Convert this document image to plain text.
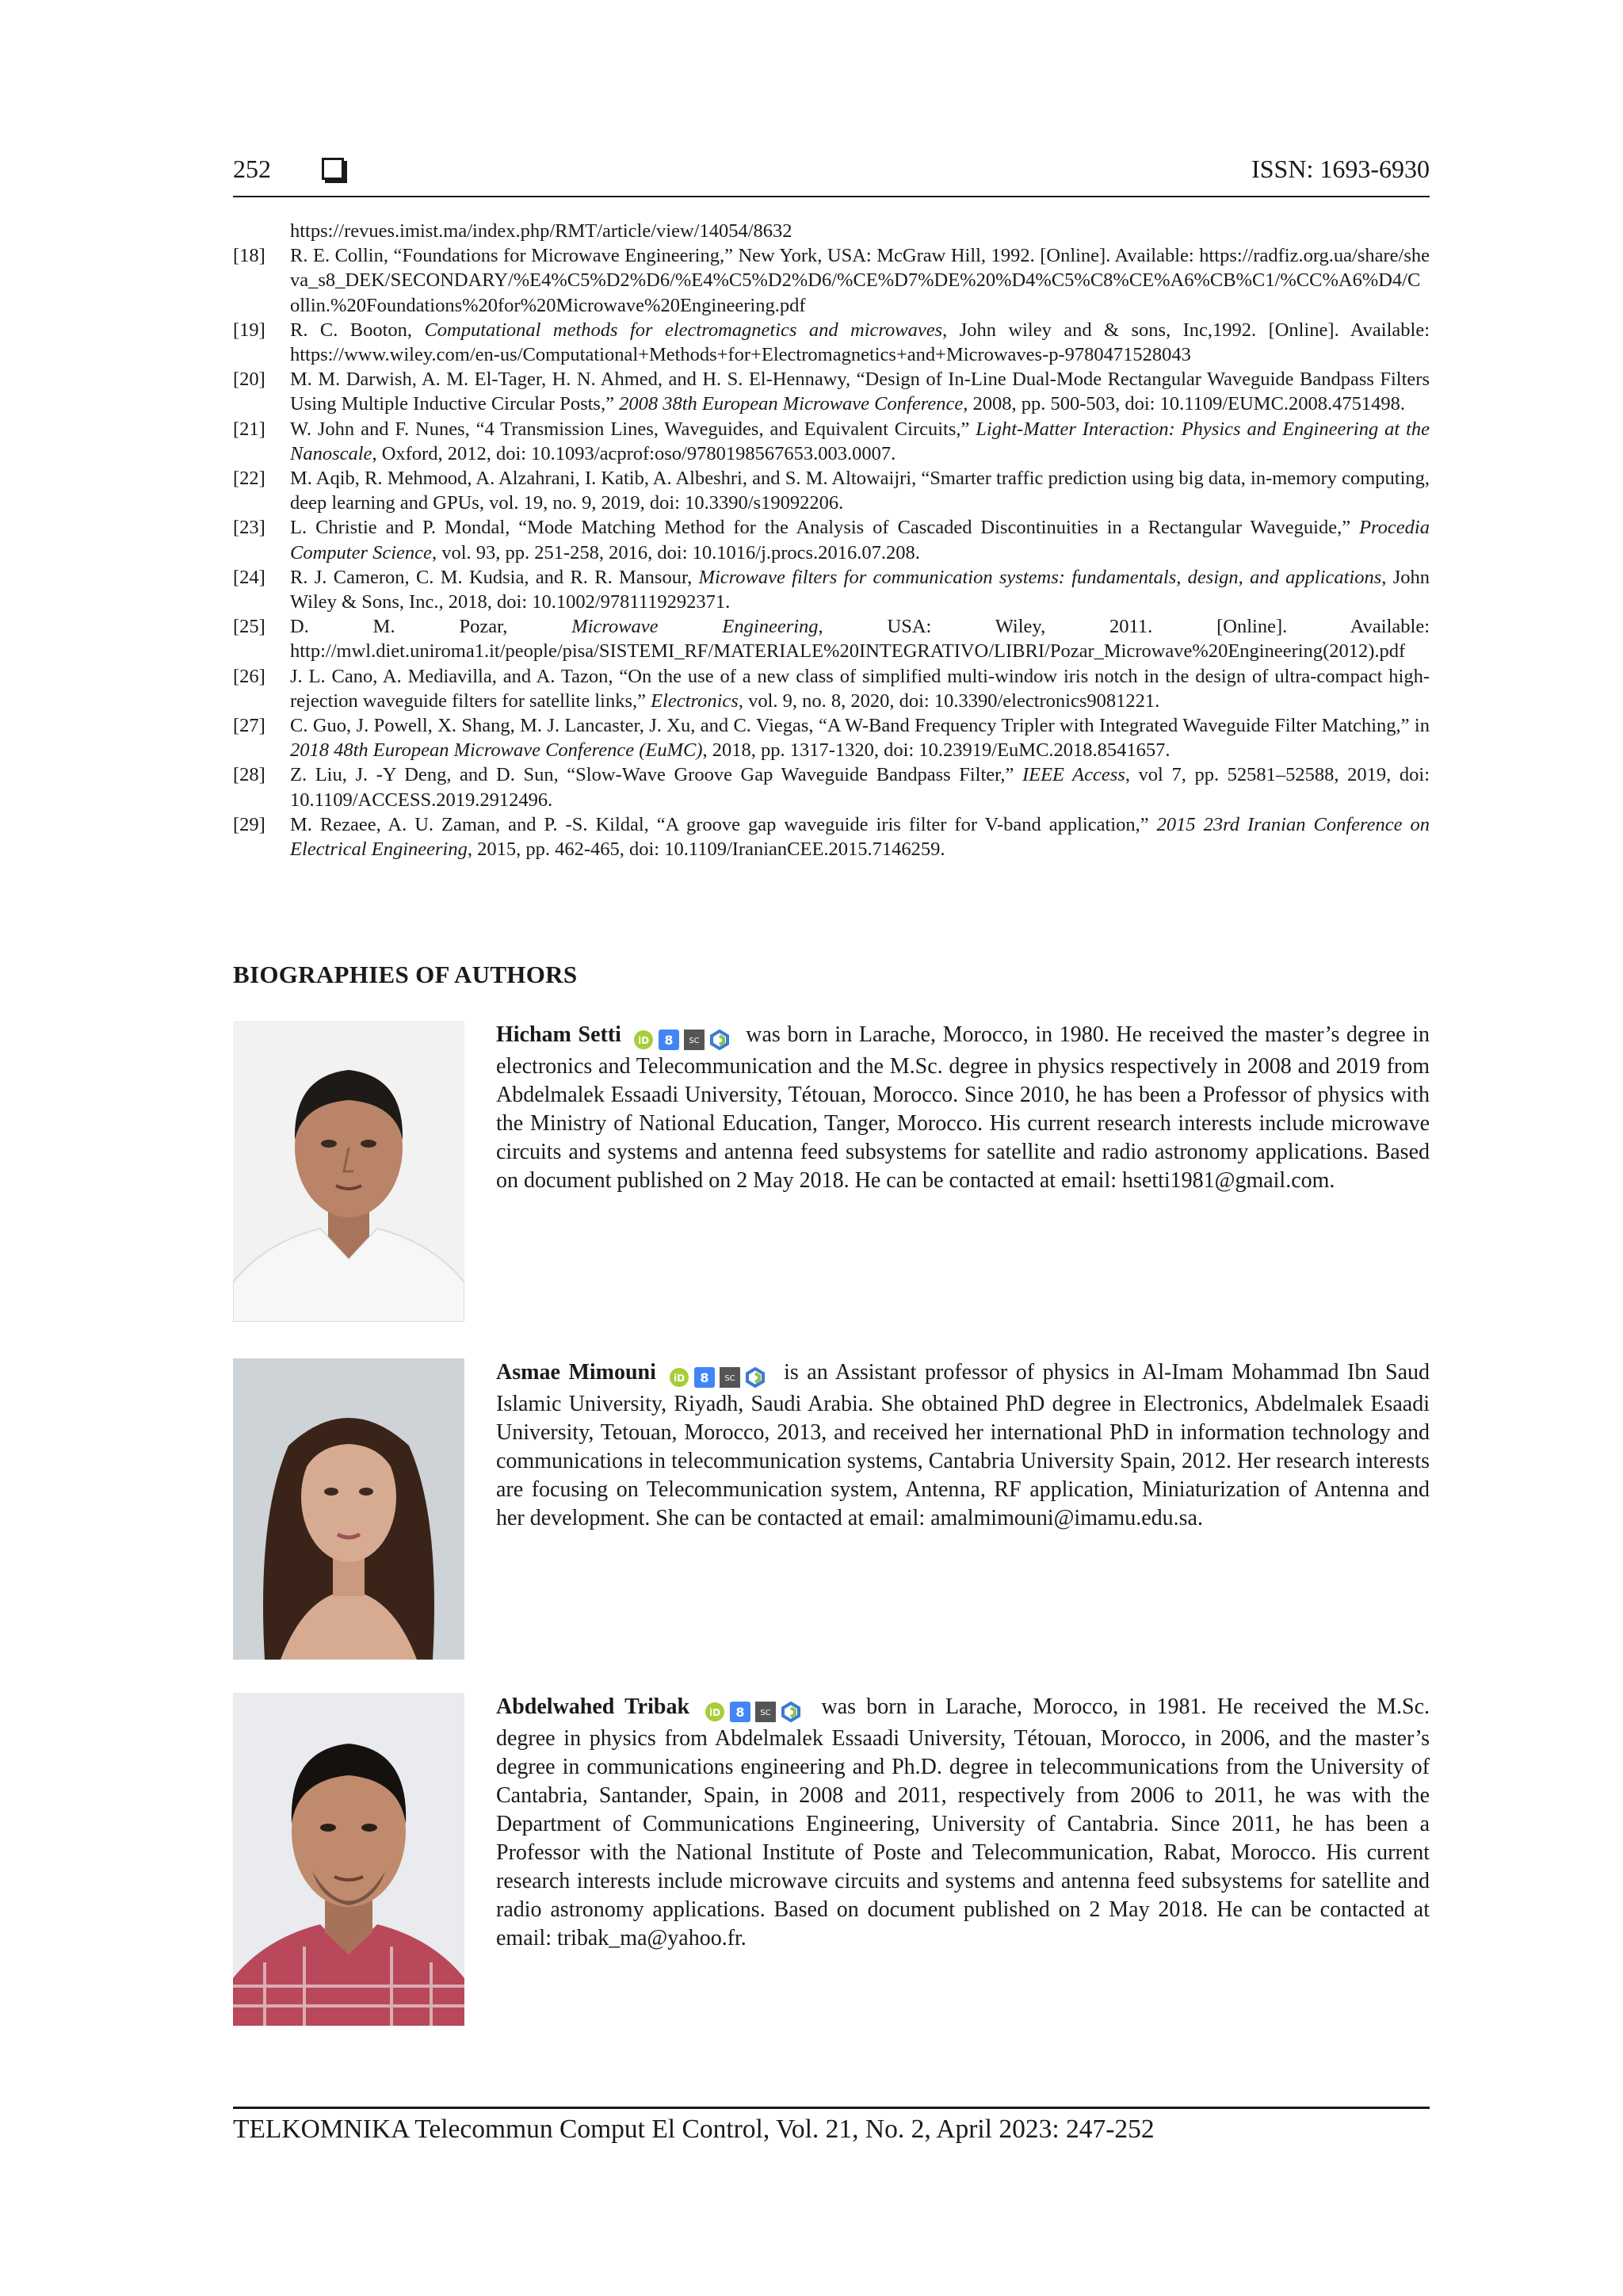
252	ISSN: 1693-6930
https://revues.imist.ma/index.php/RMT/article/view/14054/8632
[18] R. E. Collin, “Foundations for Microwave Engineering,” New York, USA: McGraw Hill, 1992. [Online]. Available: https://radfiz.org.ua/share/sheva_s8_DEK/SECONDARY/%E4%C5%D2%D6/%E4%C5%D2%D6/%CE%D7%DE%20%D4%C5%C8%CE%A6%CB%C1/%CC%A6%D4/Collin.%20Foundations%20for%20Microwave%20Engineering.pdf
[19] R. C. Booton, Computational methods for electromagnetics and microwaves, John wiley and & sons, Inc,1992. [Online]. Available: https://www.wiley.com/en-us/Computational+Methods+for+Electromagnetics+and+Microwaves-p-9780471528043
[20] M. M. Darwish, A. M. El-Tager, H. N. Ahmed, and H. S. El-Hennawy, “Design of In-Line Dual-Mode Rectangular Waveguide Bandpass Filters Using Multiple Inductive Circular Posts,” 2008 38th European Microwave Conference, 2008, pp. 500-503, doi: 10.1109/EUMC.2008.4751498.
[21] W. John and F. Nunes, “4 Transmission Lines, Waveguides, and Equivalent Circuits,” Light-Matter Interaction: Physics and Engineering at the Nanoscale, Oxford, 2012, doi: 10.1093/acprof:oso/9780198567653.003.0007.
[22] M. Aqib, R. Mehmood, A. Alzahrani, I. Katib, A. Albeshri, and S. M. Altowaijri, “Smarter traffic prediction using big data, in-memory computing, deep learning and GPUs, vol. 19, no. 9, 2019, doi: 10.3390/s19092206.
[23] L. Christie and P. Mondal, “Mode Matching Method for the Analysis of Cascaded Discontinuities in a Rectangular Waveguide,” Procedia Computer Science, vol. 93, pp. 251-258, 2016, doi: 10.1016/j.procs.2016.07.208.
[24] R. J. Cameron, C. M. Kudsia, and R. R. Mansour, Microwave filters for communication systems: fundamentals, design, and applications, John Wiley & Sons, Inc., 2018, doi: 10.1002/9781119292371.
[25] D. M. Pozar, Microwave Engineering, USA: Wiley, 2011. [Online]. Available: http://mwl.diet.uniroma1.it/people/pisa/SISTEMI_RF/MATERIALE%20INTEGRATIVO/LIBRI/Pozar_Microwave%20Engineering(2012).pdf
[26] J. L. Cano, A. Mediavilla, and A. Tazon, “On the use of a new class of simplified multi-window iris notch in the design of ultra-compact high-rejection waveguide filters for satellite links,” Electronics, vol. 9, no. 8, 2020, doi: 10.3390/electronics9081221.
[27] C. Guo, J. Powell, X. Shang, M. J. Lancaster, J. Xu, and C. Viegas, “A W-Band Frequency Tripler with Integrated Waveguide Filter Matching,” in 2018 48th European Microwave Conference (EuMC), 2018, pp. 1317-1320, doi: 10.23919/EuMC.2018.8541657.
[28] Z. Liu, J. -Y Deng, and D. Sun, “Slow-Wave Groove Gap Waveguide Bandpass Filter,” IEEE Access, vol 7, pp. 52581–52588, 2019, doi: 10.1109/ACCESS.2019.2912496.
[29] M. Rezaee, A. U. Zaman, and P. -S. Kildal, “A groove gap waveguide iris filter for V-band application,” 2015 23rd Iranian Conference on Electrical Engineering, 2015, pp. 462-465, doi: 10.1109/IranianCEE.2015.7146259.
BIOGRAPHIES OF AUTHORS
Hicham Setti iD 8 SC was born in Larache, Morocco, in 1980. He received the master’s degree in electronics and Telecommunication and the M.Sc. degree in physics respectively in 2008 and 2019 from Abdelmalek Essaadi University, Tétouan, Morocco. Since 2010, he has been a Professor of physics with the Ministry of National Education, Tanger, Morocco. His current research interests include microwave circuits and systems and antenna feed subsystems for satellite and radio astronomy applications. Based on document published on 2 May 2018. He can be contacted at email: hsetti1981@gmail.com.
Asmae Mimouni iD 8 SC is an Assistant professor of physics in Al-Imam Mohammad Ibn Saud Islamic University, Riyadh, Saudi Arabia. She obtained PhD degree in Electronics, Abdelmalek Esaadi University, Tetouan, Morocco, 2013, and received her international PhD in information technology and communications in telecommunication systems, Cantabria University Spain, 2012. Her research interests are focusing on Telecommunication system, Antenna, RF application, Miniaturization of Antenna and her development. She can be contacted at email: amalmimouni@imamu.edu.sa.
Abdelwahed Tribak iD 8 SC was born in Larache, Morocco, in 1981. He received the M.Sc. degree in physics from Abdelmalek Essaadi University, Tétouan, Morocco, in 2006, and the master’s degree in communications engineering and Ph.D. degree in telecommunications from the University of Cantabria, Santander, Spain, in 2008 and 2011, respectively from 2006 to 2011, he was with the Department of Communications Engineering, University of Cantabria. Since 2011, he has been a Professor with the National Institute of Poste and Telecommunication, Rabat, Morocco. His current research interests include microwave circuits and systems and antenna feed subsystems for satellite and radio astronomy applications. Based on document published on 2 May 2018. He can be contacted at email: tribak_ma@yahoo.fr.
TELKOMNIKA Telecommun Comput El Control, Vol. 21, No. 2, April 2023: 247-252
